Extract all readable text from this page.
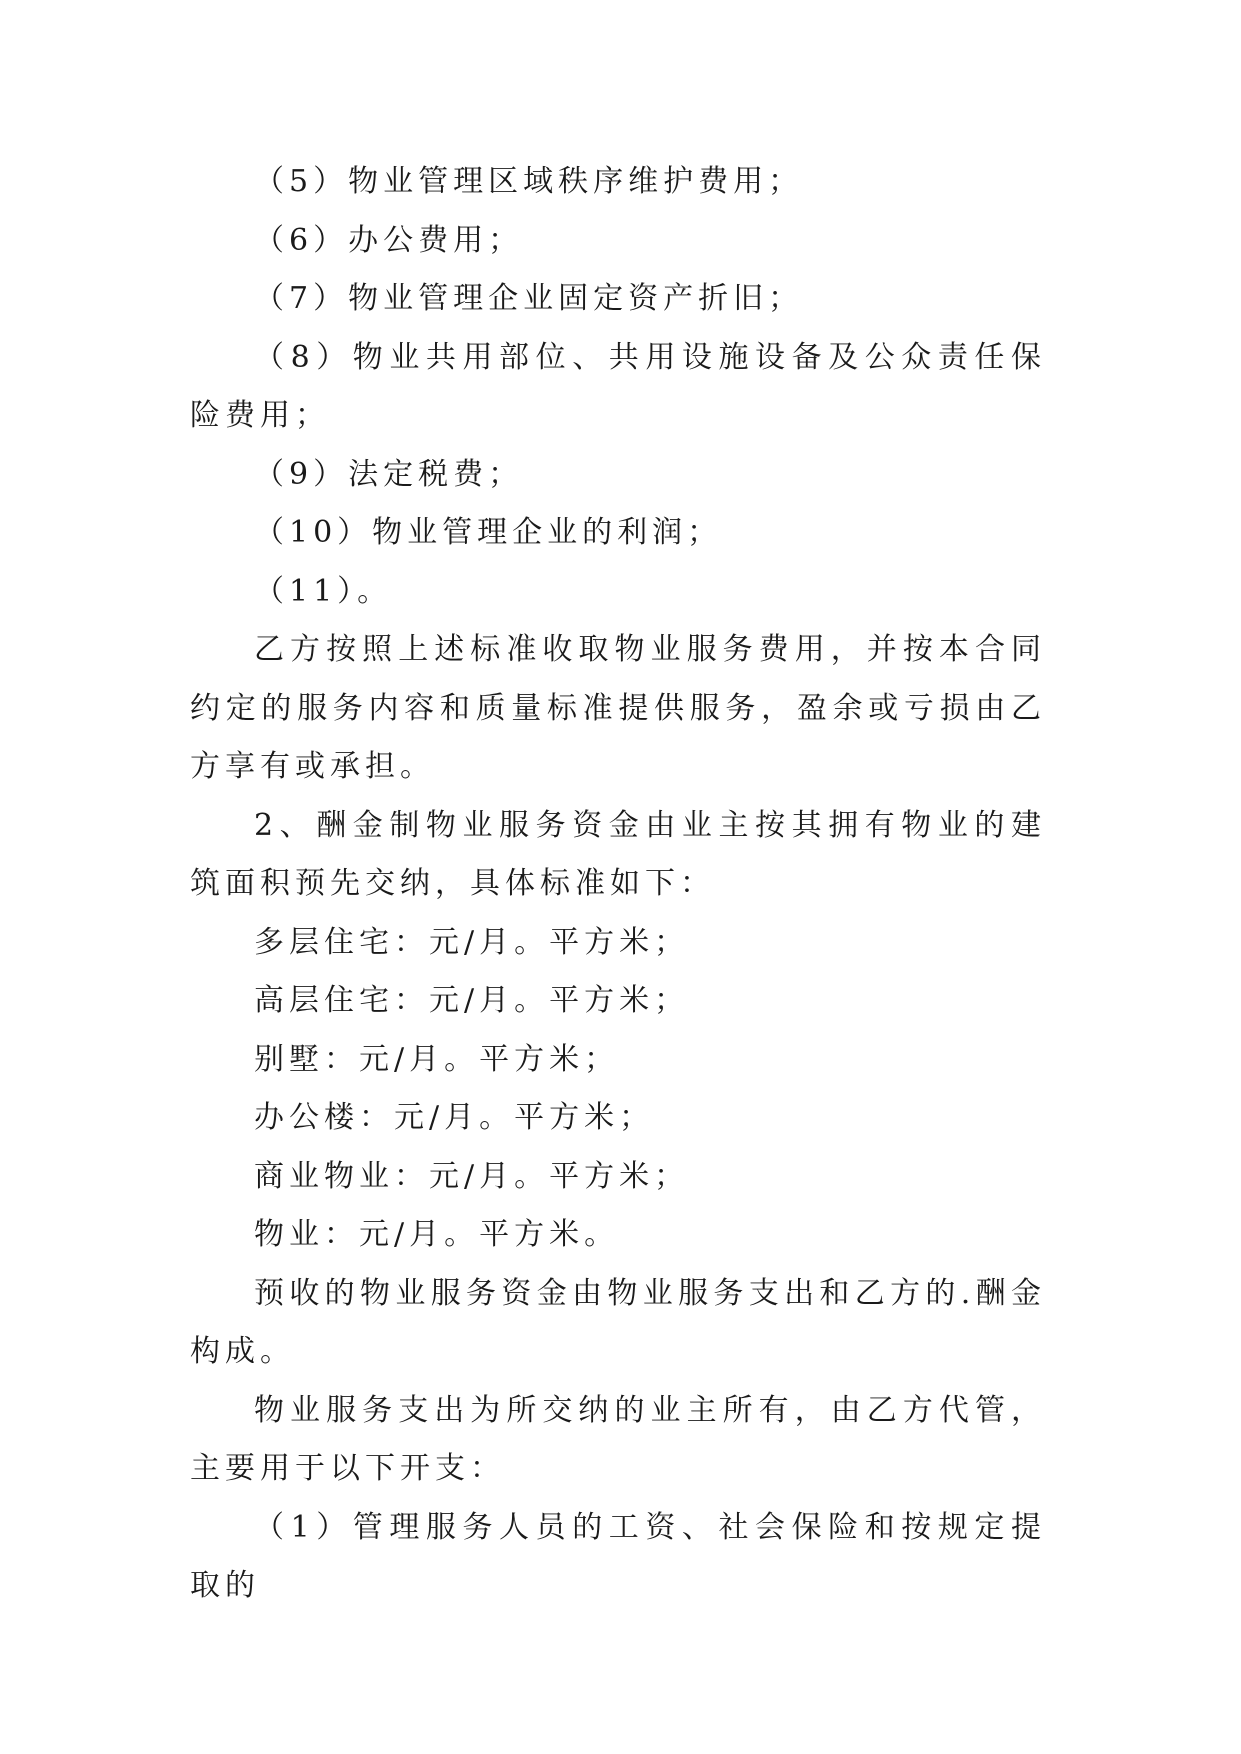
（5）物业管理区域秩序维护费用；

（6）办公费用；

（7）物业管理企业固定资产折旧；

（8）物业共用部位、共用设施设备及公众责任保险费用；

（9）法定税费；

（10）物业管理企业的利润；

（11）。

乙方按照上述标准收取物业服务费用，并按本合同约定的服务内容和质量标准提供服务，盈余或亏损由乙方享有或承担。

2、酬金制物业服务资金由业主按其拥有物业的建筑面积预先交纳，具体标准如下：

多层住宅：元/月。平方米；

高层住宅：元/月。平方米；

别墅：元/月。平方米；

办公楼：元/月。平方米；

商业物业：元/月。平方米；

物业：元/月。平方米。

预收的物业服务资金由物业服务支出和乙方的.酬金构成。

物业服务支出为所交纳的业主所有，由乙方代管，主要用于以下开支：

（1）管理服务人员的工资、社会保险和按规定提取的
